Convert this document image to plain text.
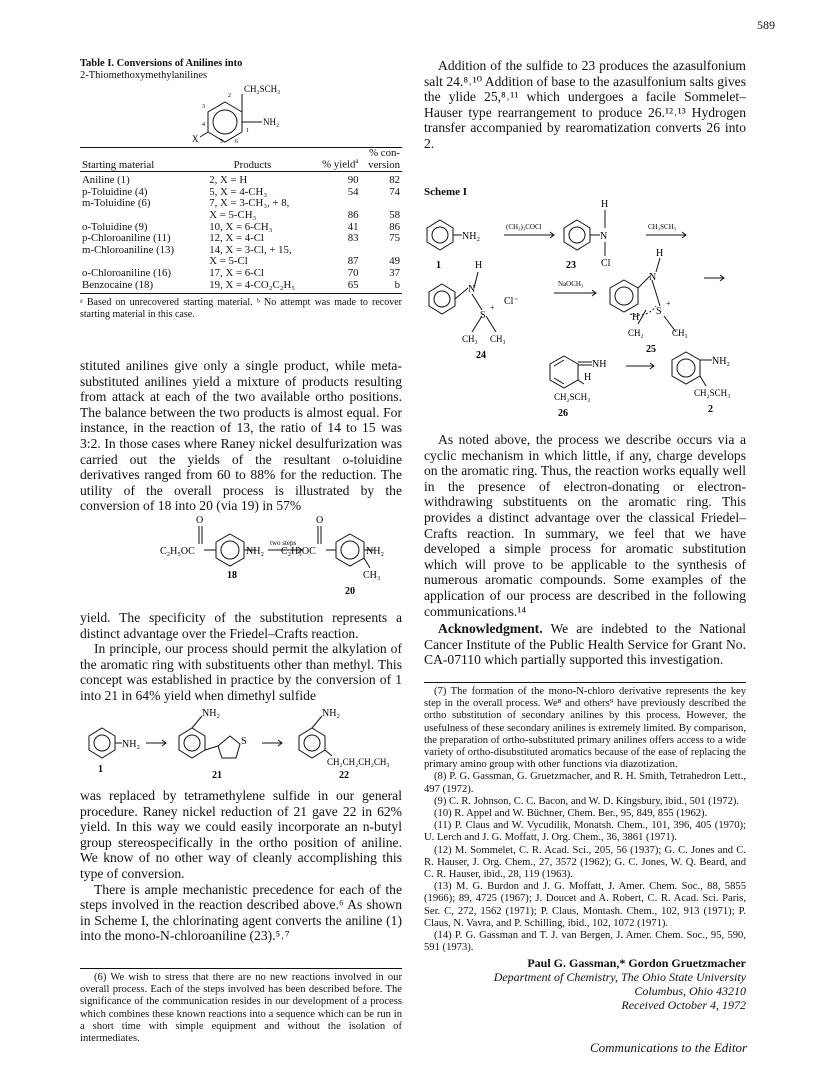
589
Table I. Conversions of Anilines into
2-Thiomethoxymethylanilines
CH₂SCH₃
NH₂
X
2
3
4
5 6
1
Starting material	Products	% yield$^a$	% con-
version

Aniline (1)	2, X = H	90	82
p-Toluidine (4)	5, X = 4-CH₃	54	74
m-Toluidine (6)	7, X = 3-CH₃, + 8,		
	X = 5-CH₃	86	58
o-Toluidine (9)	10, X = 6-CH₃	41	86
p-Chloroaniline (11)	12, X = 4-Cl	83	75
m-Chloroaniline (13)	14, X = 3-Cl, + 15,		
	X = 5-Cl	87	49
o-Chloroaniline (16)	17, X = 6-Cl	70	37
Benzocaine (18)	19, X = 4-CO₂C₂H₅	65	b
ᵃ Based on unrecovered starting material. ᵇ No attempt was made to recover starting material in this case.

stituted anilines give only a single product, while meta-substituted anilines yield a mixture of products resulting from attack at each of the two available ortho positions. The balance between the two products is almost equal. For instance, in the reaction of 13, the ratio of 14 to 15 was 3:2. In those cases where Raney nickel desulfurization was carried out the yields of the resultant o-toluidine derivatives ranged from 60 to 88% for the reduction. The utility of the overall process is illustrated by the conversion of 18 into 20 (via 19) in 57%

O	O
C₂H₅OC	NH₂
two steps
C₂H₅OC	NH₂
CH₃
18
20

yield. The specificity of the substitution represents a distinct advantage over the Friedel–Crafts reaction.

In principle, our process should permit the alkylation of the aromatic ring with substituents other than methyl. This concept was established in practice by the conversion of 1 into 21 in 64% yield when dimethyl sulfide

NH₂
NH₂
S
NH₂
CH₂CH₂CH₂CH₃
1
21	22

was replaced by tetramethylene sulfide in our general procedure. Raney nickel reduction of 21 gave 22 in 62% yield. In this way we could easily incorporate an n-butyl group stereospecifically in the ortho position of aniline. We know of no other way of cleanly accomplishing this type of conversion.

There is ample mechanistic precedence for each of the steps involved in the reaction described above.⁶ As shown in Scheme I, the chlorinating agent converts the aniline (1) into the mono-N-chloroaniline (23).⁵˒⁷

(6) We wish to stress that there are no new reactions involved in our overall process. Each of the steps involved has been described before. The significance of the communication resides in our development of a process which combines these known reactions into a sequence which can be run in a short time with simple equipment and without the isolation of intermediates.

Addition of the sulfide to 23 produces the azasulfonium salt 24.⁸˒¹⁰ Addition of base to the azasulfonium salts gives the ylide 25,⁸˒¹¹ which undergoes a facile Sommelet–Hauser type rearrangement to produce 26.¹²˒¹³ Hydrogen transfer accompanied by rearomatization converts 26 into 2.

Scheme I
NH₂
(CH₃)₃COCl
1
N
H
Cl
CH₃SCH₃
23
N
H
S
+
Cl⁻
CH₃ CH₃
24
NaOCH₃
N
H
H
S
+
CH₂	CH₃
25
NH
H
CH₂SCH₃
26
NH₂
CH₂SCH₃
2

As noted above, the process we describe occurs via a cyclic mechanism in which little, if any, charge develops on the aromatic ring. Thus, the reaction works equally well in the presence of electron-donating or electron-withdrawing substituents on the aromatic ring. This provides a distinct advantage over the classical Friedel–Crafts reaction. In summary, we feel that we have developed a simple process for aromatic substitution which will prove to be applicable to the synthesis of numerous aromatic compounds. Some examples of the application of our process are described in the following communications.¹⁴

Acknowledgment. We are indebted to the National Cancer Institute of the Public Health Service for Grant No. CA-07110 which partially supported this investigation.

(7) The formation of the mono-N-chloro derivative represents the key step in the overall process. We⁸ and others⁹ have previously described the ortho substitution of secondary anilines by this process. However, the usefulness of these secondary anilines is extremely limited. By comparison, the preparation of ortho-substituted primary anilines offers access to a wide variety of ortho-disubstituted aromatics because of the ease of replacing the primary amino group with other functions via diazotization.

(8) P. G. Gassman, G. Gruetzmacher, and R. H. Smith, Tetrahedron Lett., 497 (1972).

(9) C. R. Johnson, C. C. Bacon, and W. D. Kingsbury, ibid., 501 (1972).

(10) R. Appel and W. Büchner, Chem. Ber., 95, 849, 855 (1962).

(11) P. Claus and W. Vycudilik, Monatsh. Chem., 101, 396, 405 (1970); U. Lerch and J. G. Moffatt, J. Org. Chem., 36, 3861 (1971).

(12) M. Sommelet, C. R. Acad. Sci., 205, 56 (1937); G. C. Jones and C. R. Hauser, J. Org. Chem., 27, 3572 (1962); G. C. Jones, W. Q. Beard, and C. R. Hauser, ibid., 28, 119 (1963).

(13) M. G. Burdon and J. G. Moffatt, J. Amer. Chem. Soc., 88, 5855 (1966); 89, 4725 (1967); J. Doucet and A. Robert, C. R. Acad. Sci. Paris, Ser. C, 272, 1562 (1971); P. Claus, Montash. Chem., 102, 913 (1971); P. Claus, N. Vavra, and P. Schilling, ibid., 102, 1072 (1971).

(14) P. G. Gassman and T. J. van Bergen, J. Amer. Chem. Soc., 95, 590, 591 (1973).

Paul G. Gassman,* Gordon Gruetzmacher
Department of Chemistry, The Ohio State University
Columbus, Ohio 43210
Received October 4, 1972
Communications to the Editor
